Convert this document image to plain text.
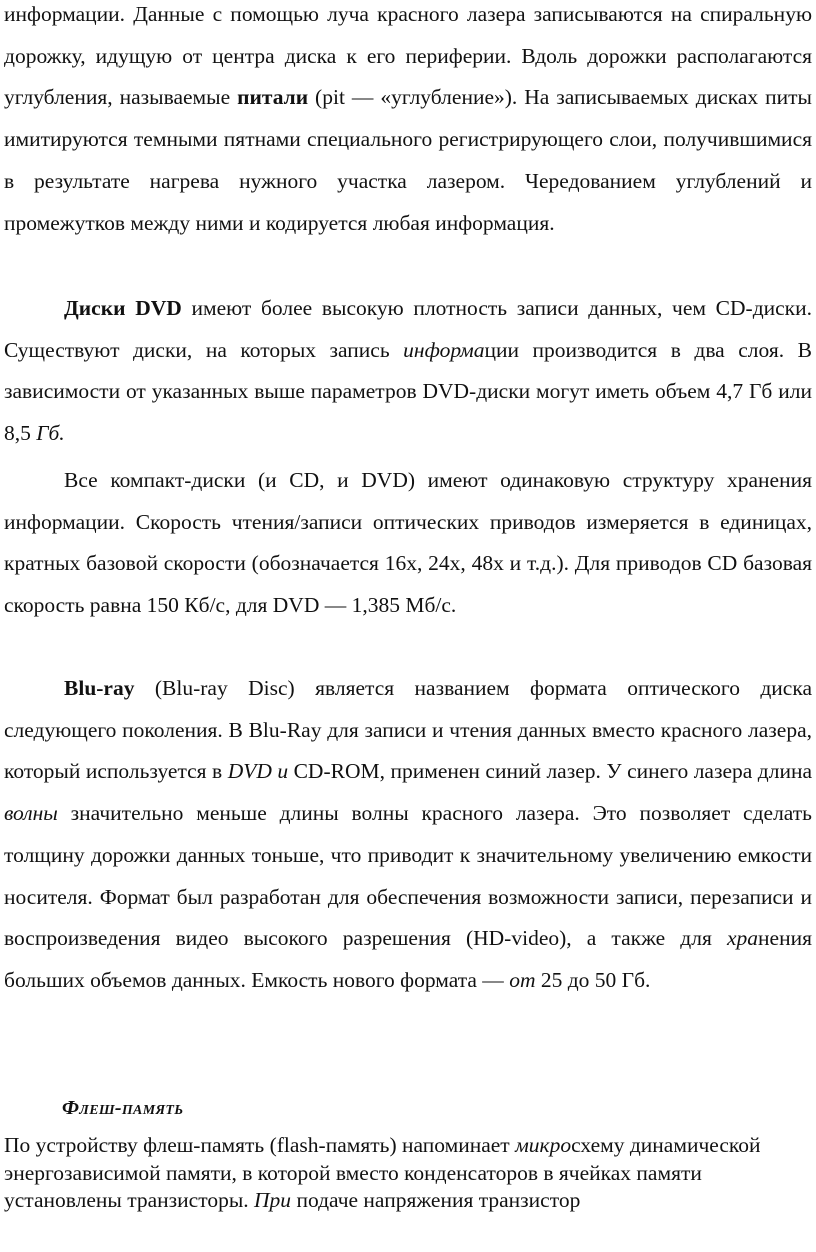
информации. Данные с помощью луча красного лазера записываются на спиральную дорожку, идущую от центра диска к его периферии. Вдоль дорожки располагаются углубления, называемые питали (pit — «углубление»). На записываемых дисках питы имитируются темными пятнами специального регистрирующего слои, получившимися в результате нагрева нужного участка лазером. Чередованием углублений и промежутков между ними и кодируется любая информация.

Диски DVD имеют более высокую плотность записи данных, чем CD-диски. Существуют диски, на которых запись информации производится в два слоя. В зависимости от указанных выше параметров DVD-диски могут иметь объем 4,7 Гб или 8,5 Гб.

Все компакт-диски (и CD, и DVD) имеют одинаковую структуру хранения информации. Скорость чтения/записи оптических приводов измеряется в единицах, кратных базовой скорости (обозначается 16х, 24х, 48х и т.д.). Для приводов CD базовая скорость равна 150 Кб/с, для DVD — 1,385 Мб/с.

Blu-ray (Blu-ray Disc) является названием формата оптического диска следующего поколения. В Blu-Ray для записи и чтения данных вместо красного лазера, который используется в DVD и CD-ROM, применен синий лазер. У синего лазера длина волны значительно меньше длины волны красного лазера. Это позволяет сделать толщину дорожки данных тоньше, что приводит к значительному увеличению емкости носителя. Формат был разработан для обеспечения возможности записи, перезаписи и воспроизведения видео высокого разрешения (HD-video), а также для хранения больших объемов данных. Емкость нового формата — от 25 до 50 Гб.

Флеш-память

По устройству флеш-память (flash-память) напоминает микросхему динамической энергозависимой памяти, в которой вместо конденсаторов в ячейках памяти установлены транзисторы. При подаче напряжения транзистор
